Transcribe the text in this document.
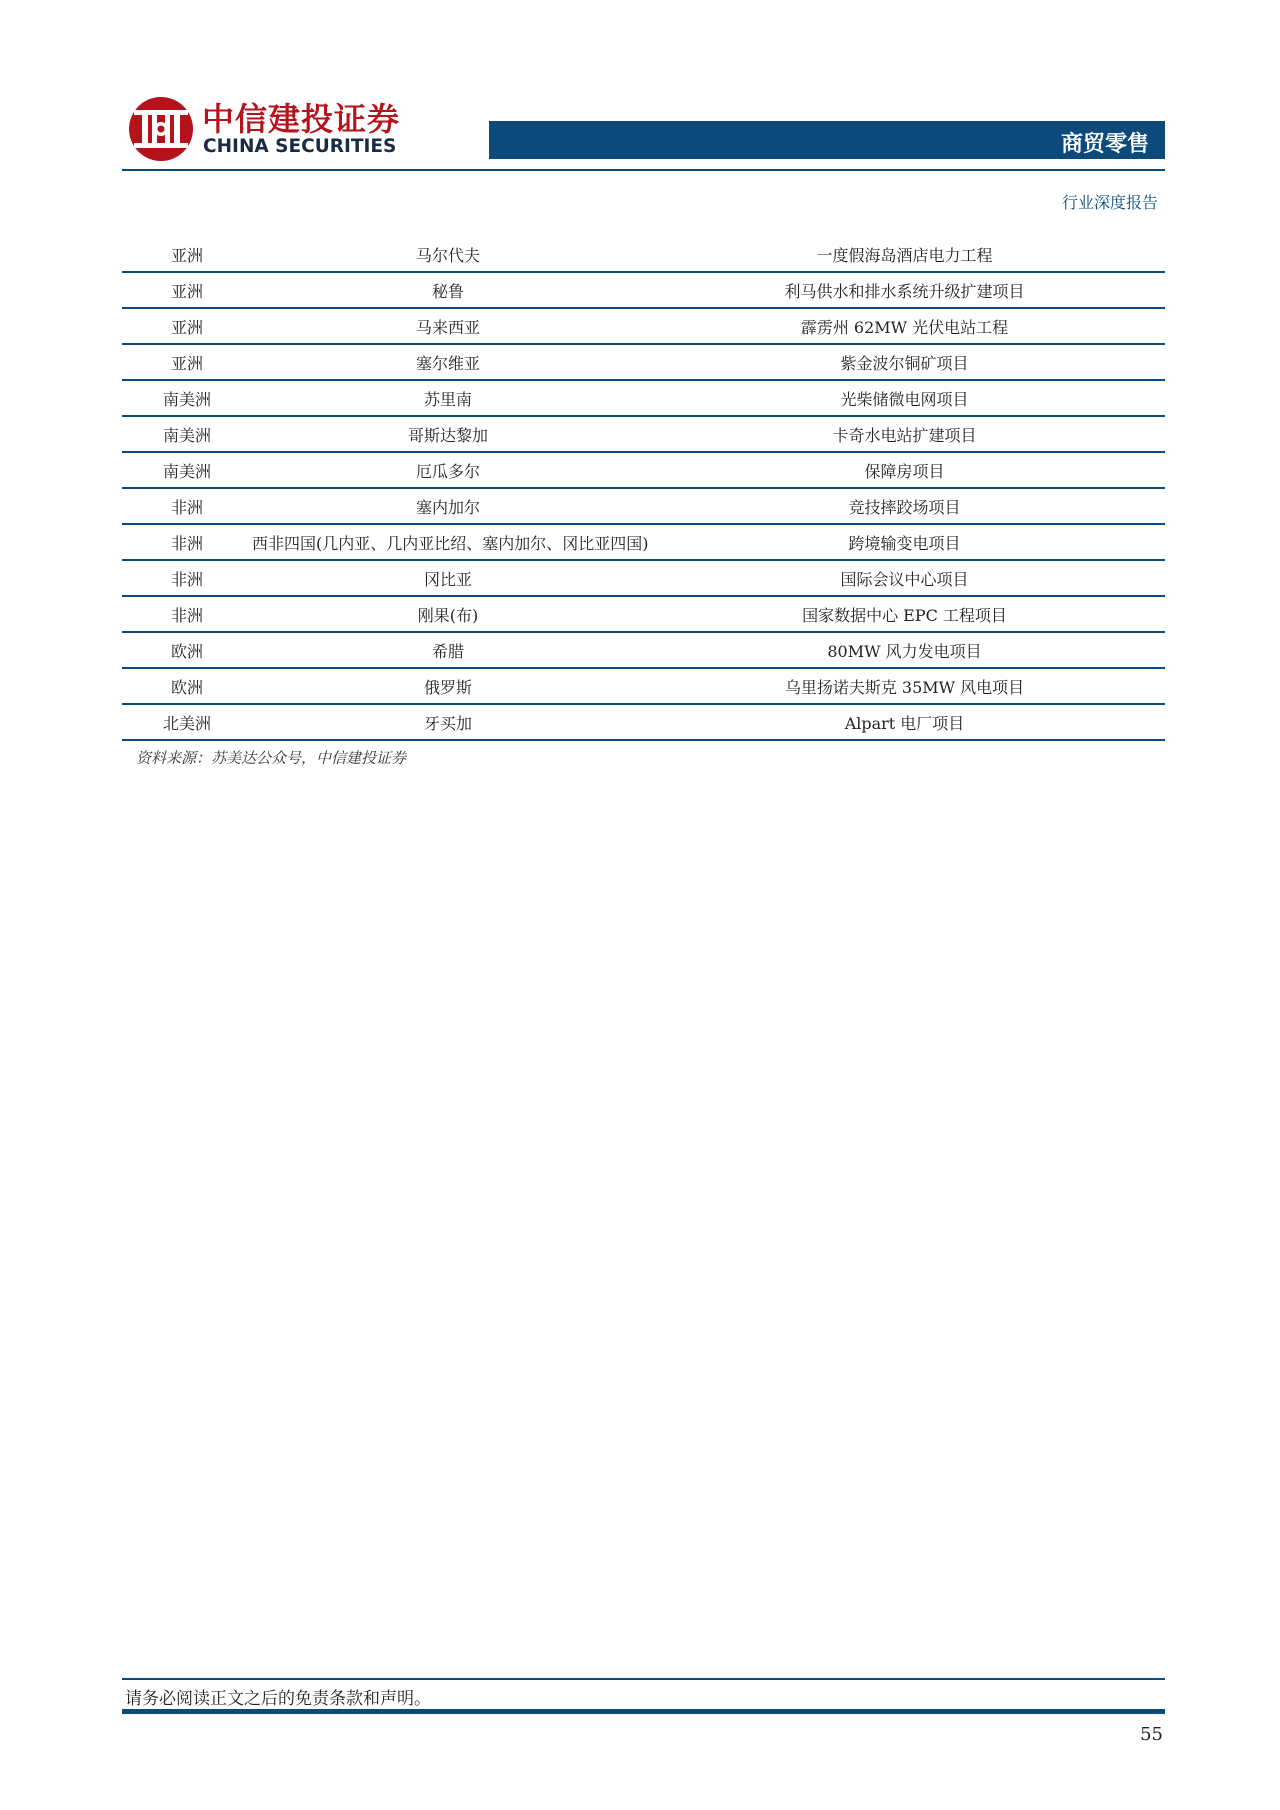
中信建投证券
CHINA SECURITIES	商贸零售
行业深度报告
亚洲	马尔代夫	一度假海岛酒店电力工程
亚洲	秘鲁	利马供水和排水系统升级扩建项目
亚洲	马来西亚	霹雳州 62MW 光伏电站工程
亚洲	塞尔维亚	紫金波尔铜矿项目
南美洲	苏里南	光柴储微电网项目
南美洲	哥斯达黎加	卡奇水电站扩建项目
南美洲	厄瓜多尔	保障房项目
非洲	塞内加尔	竞技摔跤场项目
非洲	西非四国(几内亚、几内亚比绍、塞内加尔、冈比亚四国)	跨境输变电项目
非洲	冈比亚	国际会议中心项目
非洲	刚果(布)	国家数据中心 EPC 工程项目
欧洲	希腊	80MW 风力发电项目
欧洲	俄罗斯	乌里扬诺夫斯克 35MW 风电项目
北美洲	牙买加	Alpart 电厂项目
资料来源：苏美达公众号，中信建投证券
请务必阅读正文之后的免责条款和声明。
55
